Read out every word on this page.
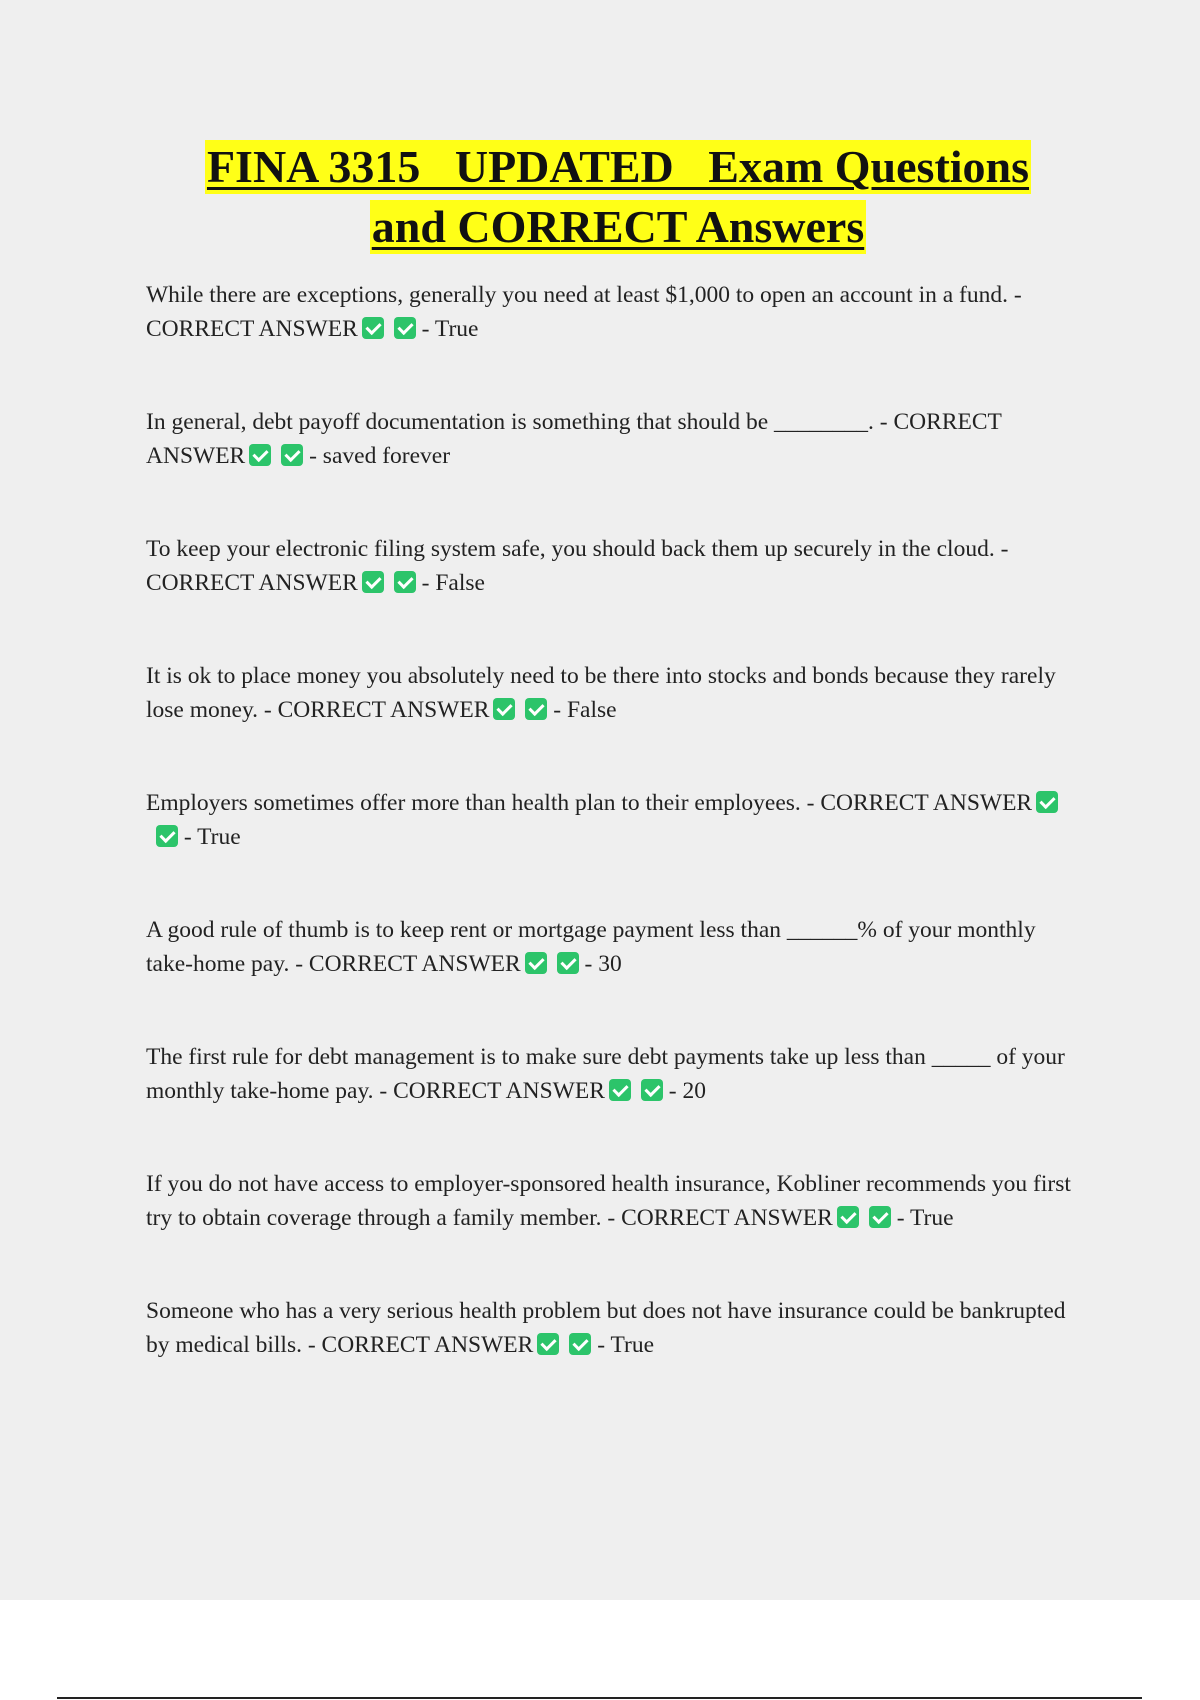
FINA 3315   UPDATED   Exam Questions
and CORRECT Answers
While there are exceptions, generally you need at least $1,000 to open an account in a fund. - CORRECT ANSWER	- True
In general, debt payoff documentation is something that should be ________. - CORRECT ANSWER	- saved forever
To keep your electronic filing system safe, you should back them up securely in the cloud. - CORRECT ANSWER	- False
It is ok to place money you absolutely need to be there into stocks and bonds because they rarely lose money. - CORRECT ANSWER	- False
Employers sometimes offer more than health plan to their employees. - CORRECT ANSWER - True
A good rule of thumb is to keep rent or mortgage payment less than ______% of your monthly take-home pay. - CORRECT ANSWER	- 30
The first rule for debt management is to make sure debt payments take up less than _____ of your monthly take-home pay. - CORRECT ANSWER	- 20
If you do not have access to employer-sponsored health insurance, Kobliner recommends you first try to obtain coverage through a family member. - CORRECT ANSWER	- True
Someone who has a very serious health problem but does not have insurance could be bankrupted by medical bills. - CORRECT ANSWER	- True
